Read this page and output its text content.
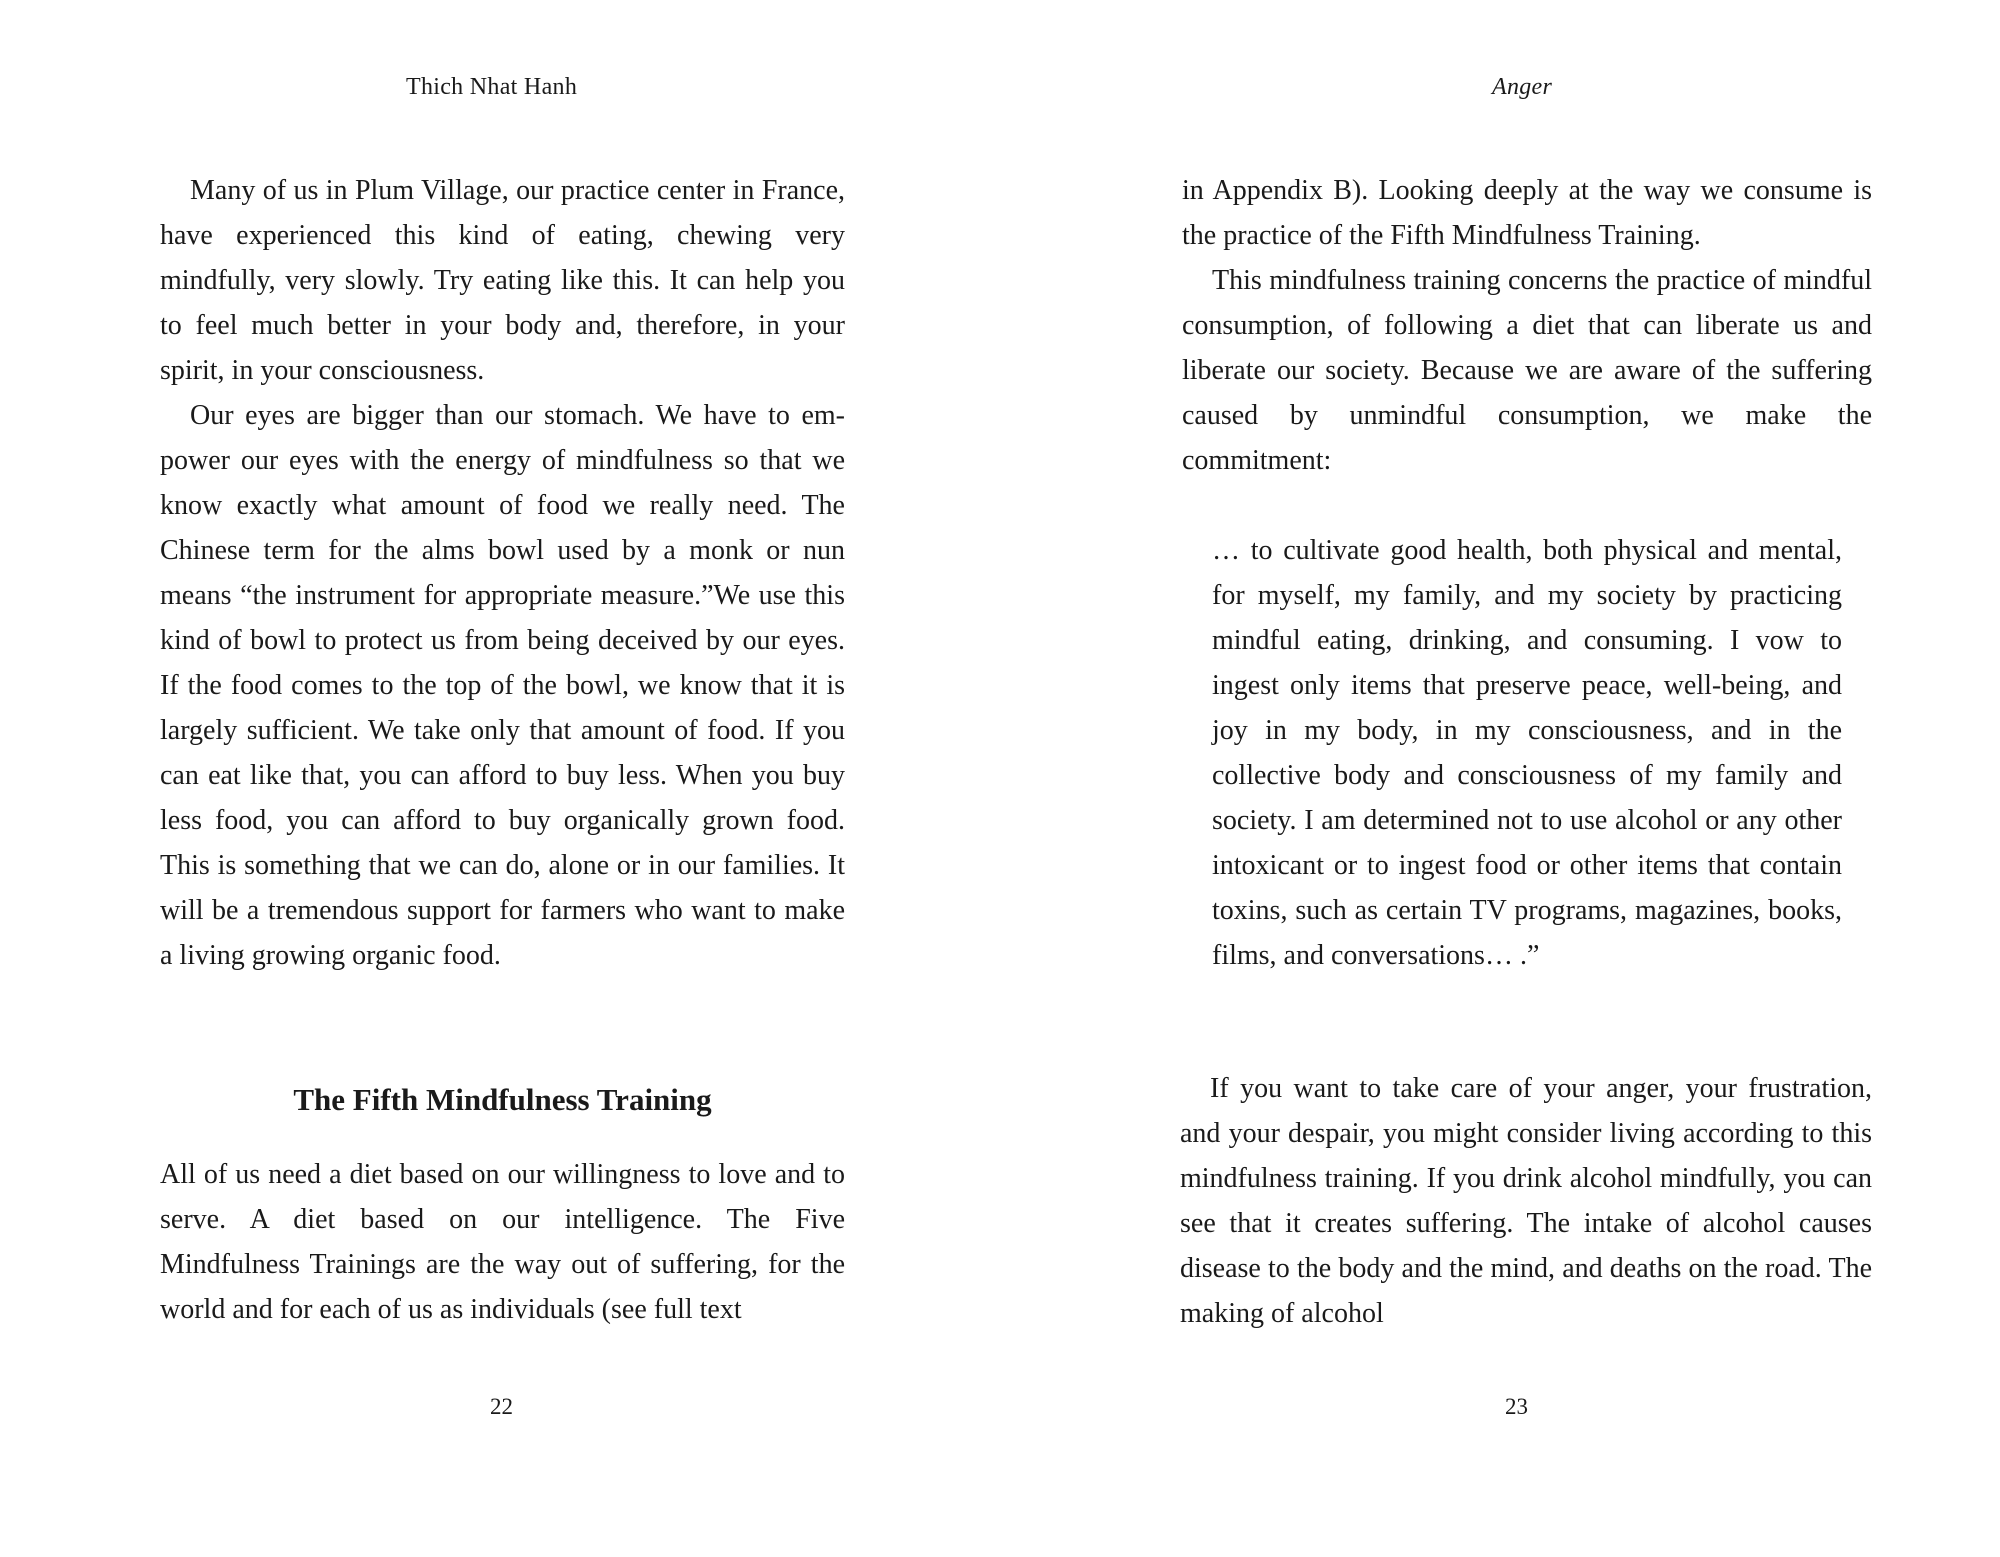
Thich Nhat Hanh

Many of us in Plum Village, our practice center in France, have experienced this kind of eating, chewing very mindfully, very slowly. Try eating like this. It can help you to feel much better in your body and, therefore, in your spirit, in your consciousness.

Our eyes are bigger than our stomach. We have to empower our eyes with the energy of mindfulness so that we know exactly what amount of food we really need. The Chinese term for the alms bowl used by a monk or nun means “the instrument for appropriate measure.”We use this kind of bowl to protect us from being deceived by our eyes. If the food comes to the top of the bowl, we know that it is largely sufficient. We take only that amount of food. If you can eat like that, you can afford to buy less. When you buy less food, you can afford to buy organically grown food. This is something that we can do, alone or in our families. It will be a tremendous support for farmers who want to make a living growing organic food.

The Fifth Mindfulness Training

All of us need a diet based on our willingness to love and to serve. A diet based on our intelligence. The Five Mindfulness Trainings are the way out of suffering, for the world and for each of us as individuals (see full text

22
Anger

in Appendix B). Looking deeply at the way we consume is the practice of the Fifth Mindfulness Training.

This mindfulness training concerns the practice of mindful consumption, of following a diet that can liberate us and liberate our society. Because we are aware of the suffering caused by unmindful consumption, we make the commitment:

… to cultivate good health, both physical and mental, for myself, my family, and my society by practicing mindful eating, drinking, and consuming. I vow to ingest only items that preserve peace, well-being, and joy in my body, in my consciousness, and in the collective body and consciousness of my family and society. I am determined not to use alcohol or any other intoxicant or to ingest food or other items that contain toxins, such as certain TV programs, magazines, books, films, and conversations… .”

If you want to take care of your anger, your frustration, and your despair, you might consider living according to this mindfulness training. If you drink alcohol mindfully, you can see that it creates suffering. The intake of alcohol causes disease to the body and the mind, and deaths on the road. The making of alcohol

23
